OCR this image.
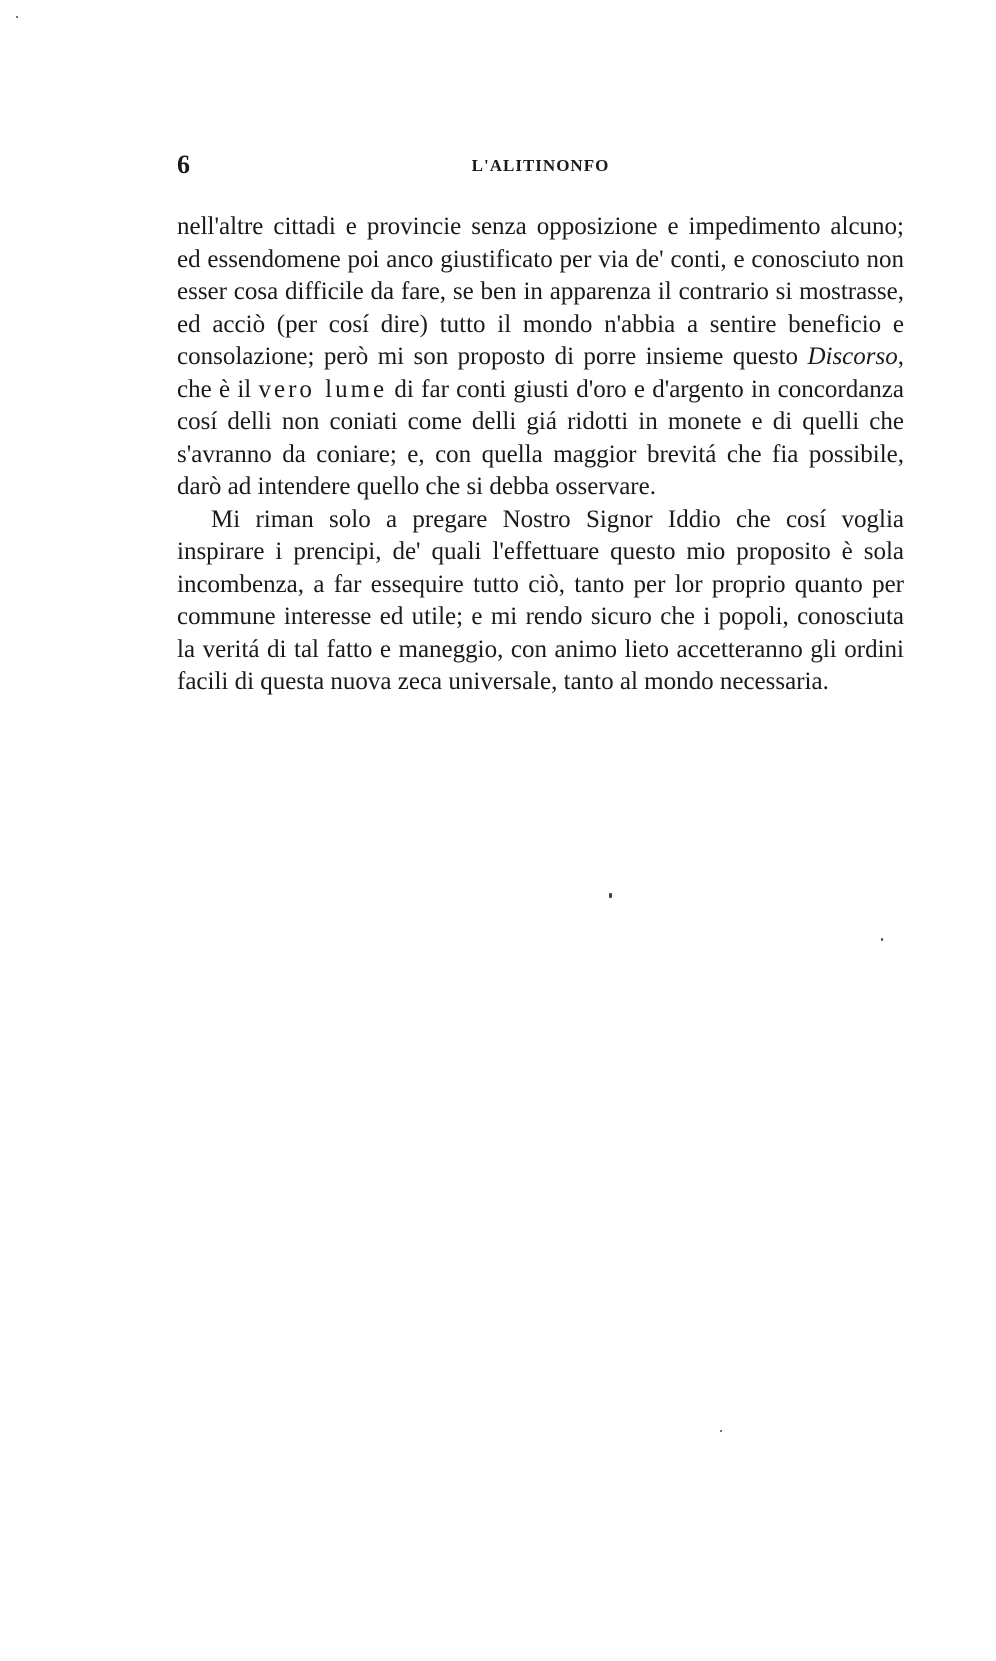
6	L'ALITINONFO

nell'altre cittadi e provincie senza opposizione e impedimento alcuno; ed essendomene poi anco giustificato per via de' conti, e conosciuto non esser cosa difficile da fare, se ben in apparenza il contrario si mostrasse, ed acciò (per cosí dire) tutto il mondo n'abbia a sentire beneficio e consolazione; però mi son proposto di porre insieme questo Discorso, che è il vero lume di far conti giusti d'oro e d'argento in concordanza cosí delli non coniati come delli giá ridotti in monete e di quelli che s'avranno da coniare; e, con quella maggior brevitá che fia possibile, darò ad intendere quello che si debba osservare.

Mi riman solo a pregare Nostro Signor Iddio che cosí voglia inspirare i prencipi, de' quali l'effettuare questo mio proposito è sola incombenza, a far essequire tutto ciò, tanto per lor proprio quanto per commune interesse ed utile; e mi rendo sicuro che i popoli, conosciuta la veritá di tal fatto e maneggio, con animo lieto accetteranno gli ordini facili di questa nuova zeca universale, tanto al mondo necessaria.
